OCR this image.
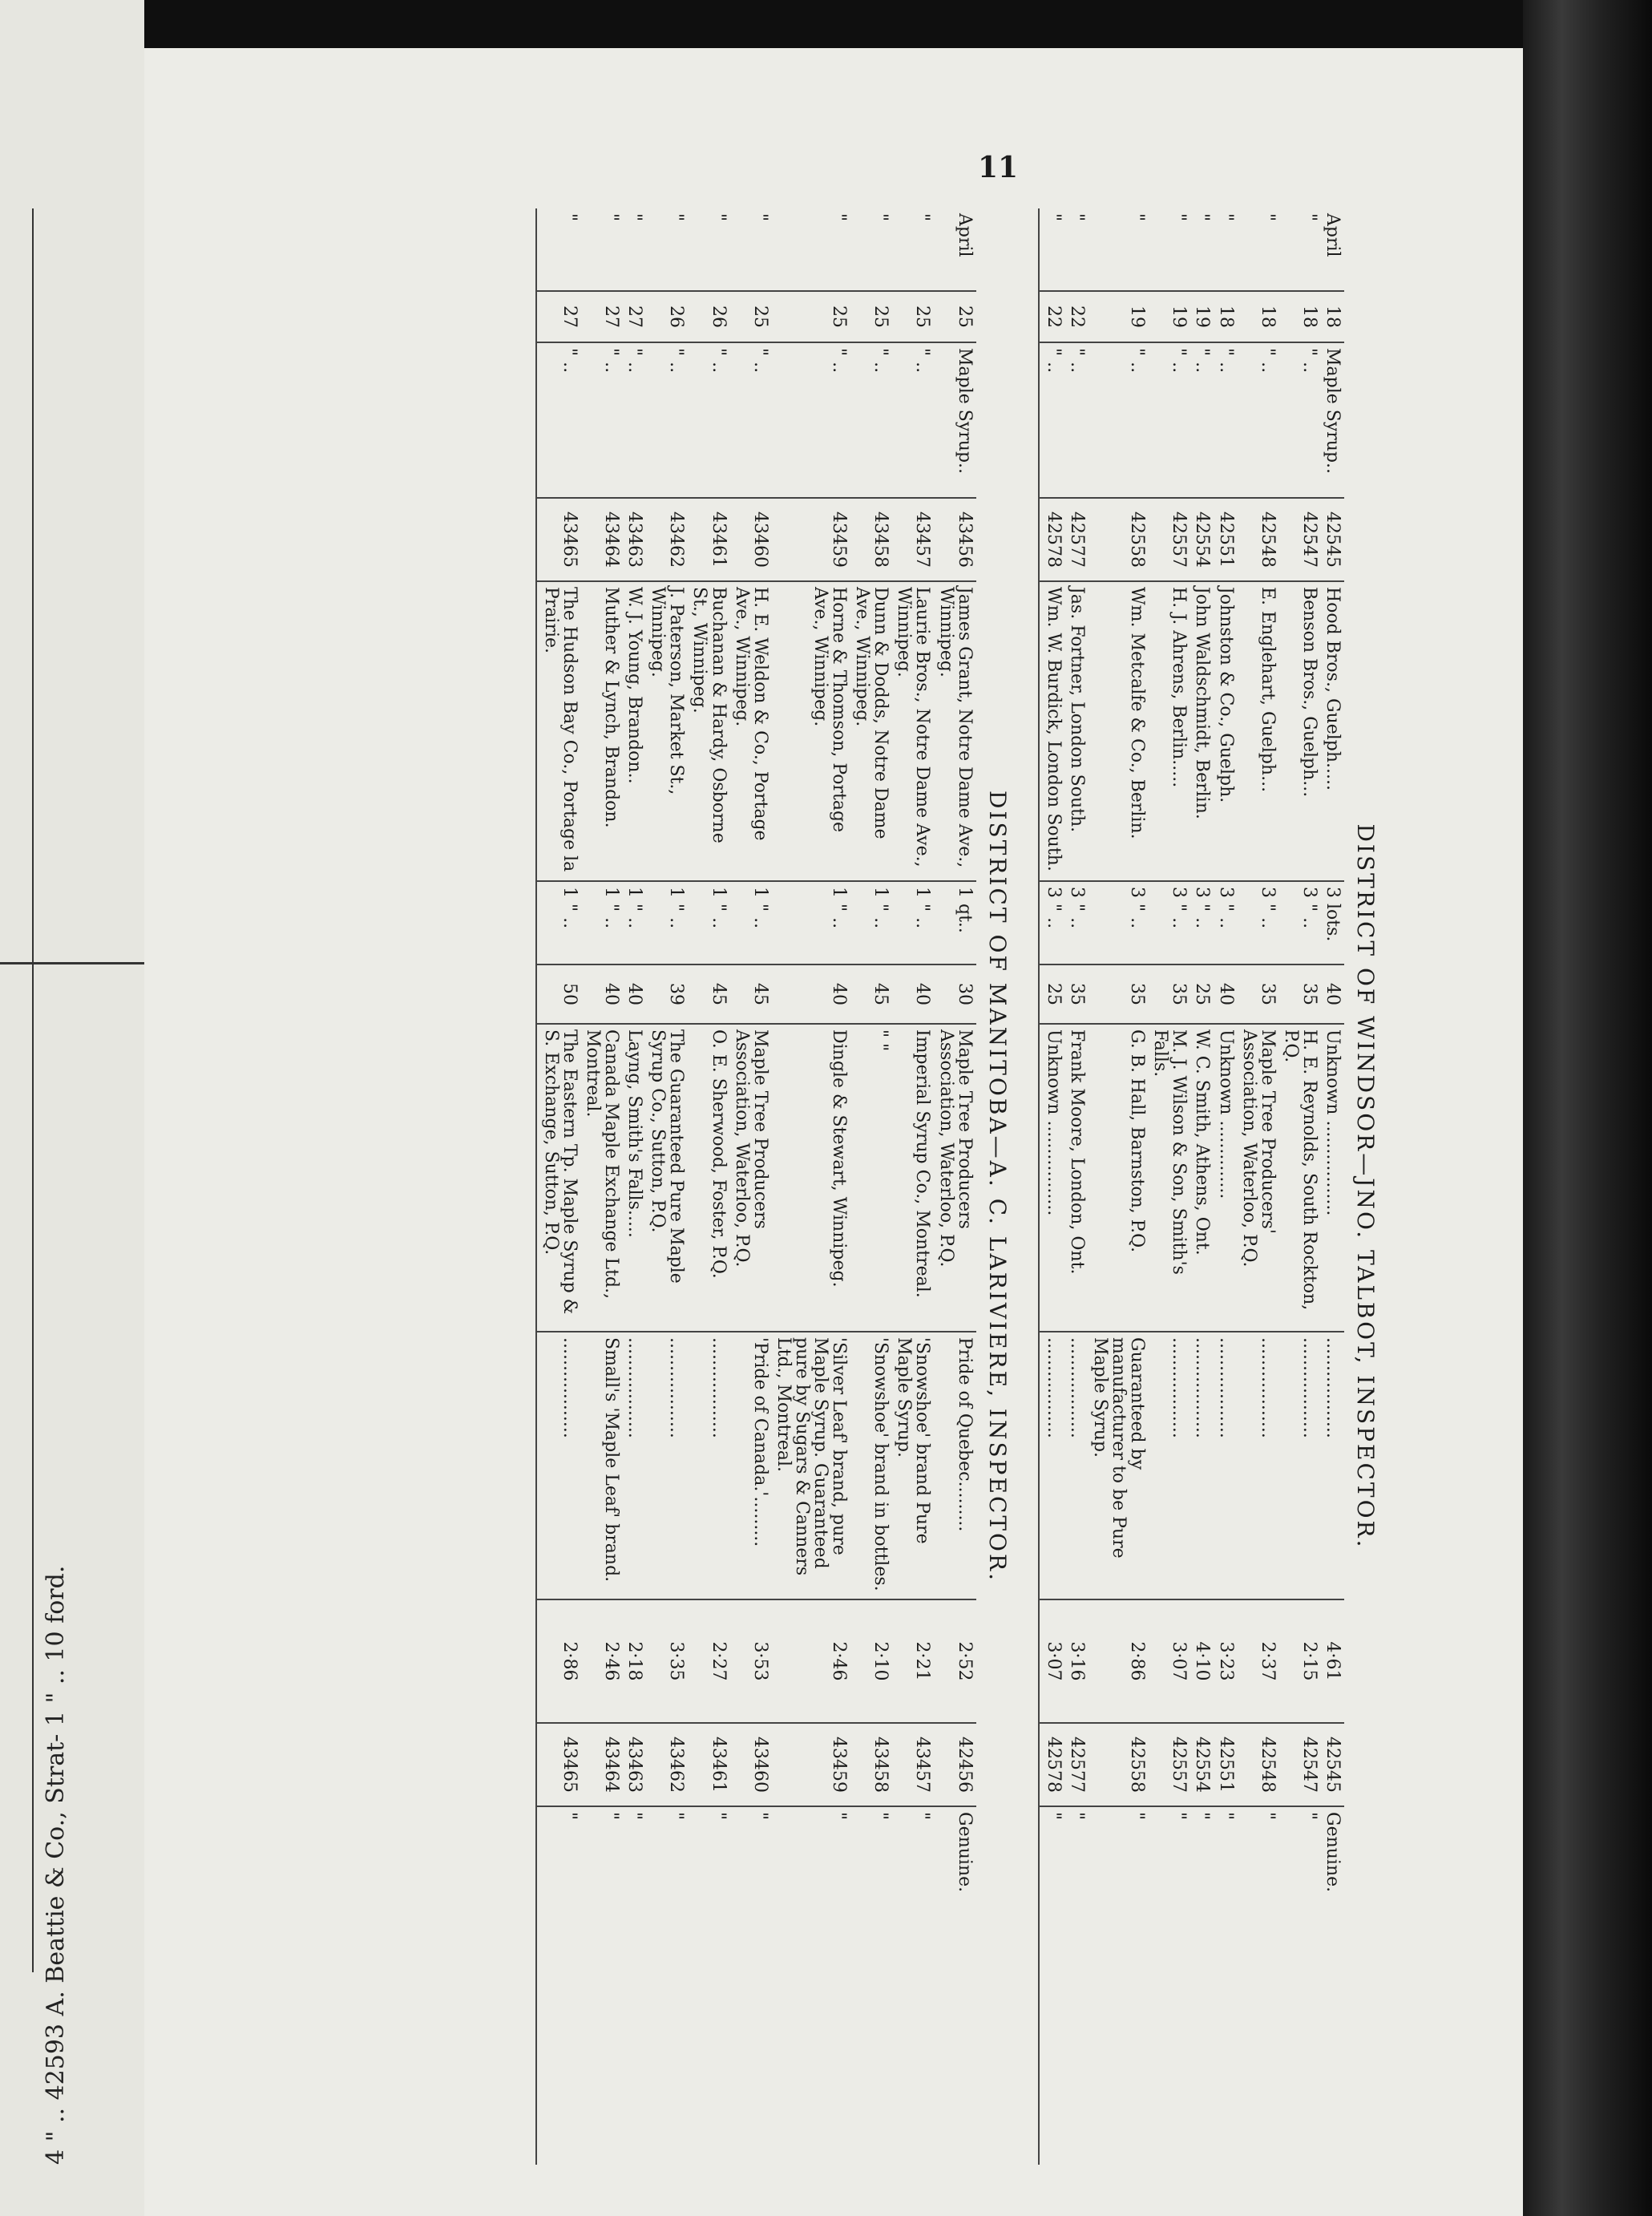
4 " .. 42593 A. Beattie & Co., Strat- 1 " .. 10 ford.
11
DISTRICT OF WINDSOR—JNO. TALBOT, INSPECTOR.
April	18	Maple Syrup..	42545	Hood Bros., Guelph.....	3 lots.	40	Unknown .................	..................	4·61	42545	Genuine.
"	18	" ..	42547	Benson Bros., Guelph...	3 " ..	35	H. E. Reynolds, South Rockton, P.Q.	..................	2·15	42547	"
"	18	" ..	42548	E. Englehart, Guelph...	3 " ..	35	Maple Tree Producers' Association, Waterloo, P.Q.	..................	2·37	42548	"
"	18	" ..	42551	Johnston & Co., Guelph.	3 " ..	40	Unknown ..............	..................	3·23	42551	"
"	19	" ..	42554	John Waldschmidt, Berlin.	3 " ..	25	W. C. Smith, Athens, Ont.	..................	4·10	42554	"
"	19	" ..	42557	H. J. Ahrens, Berlin.....	3 " ..	35	M. J. Wilson & Son, Smith's Falls.	..................	3·07	42557	"
"	19	" ..	42558	Wm. Metcalfe & Co., Berlin.	3 " ..	35	G. B. Hall, Barnston, P.Q.	Guaranteed by manufacturer to be Pure Maple Syrup.	2·86	42558	"
"	22	" ..	42577	Jas. Fortner, London South.	3 " ..	35	Frank Moore, London, Ont.	..................	3·16	42577	"
"	22	" ..	42578	Wm. W. Burdick, London South.	3 " ..	25	Unknown .................	..................	3·07	42578	"
DISTRICT OF MANITOBA—A. C. LARIVIERE, INSPECTOR.
April	25	Maple Syrup..	43456	James Grant, Notre Dame Ave., Winnipeg.	1 qt..	30	Maple Tree Producers Association, Waterloo, P.Q.	Pride of Quebec.........	2·52	42456	Genuine.
"	25	" ..	43457	Laurie Bros., Notre Dame Ave., Winnipeg.	1 " ..	40	Imperial Syrup Co., Montreal.	'Snowshoe' brand Pure Maple Syrup.	2·21	43457	"
"	25	" ..	43458	Dunn & Dodds, Notre Dame Ave., Winnipeg.	1 " ..	45	" "	'Snowshoe' brand in bottles.	2·10	43458	"
"	25	" ..	43459	Horne & Thomson, Portage Ave., Winnipeg.	1 " ..	40	Dingle & Stewart, Winnipeg.	'Silver Leaf' brand, pure Maple Syrup. Guaranteed pure by Sugars & Canners Ltd., Montreal.	2·46	43459	"
"	25	" ..	43460	H. E. Weldon & Co., Portage Ave., Winnipeg.	1 " ..	45	Maple Tree Producers Association, Waterloo, P.Q.	'Pride of Canada.'.........	3·53	43460	"
"	26	" ..	43461	Buchanan & Hardy, Osborne St., Winnipeg.	1 " ..	45	O. E. Sherwood, Foster, P.Q.	..................	2·27	43461	"
"	26	" ..	43462	J. Paterson, Market St., Winnipeg.	1 " ..	39	The Guaranteed Pure Maple Syrup Co., Sutton, P.Q.	..................	3·35	43462	"
"	27	" ..	43463	W. J. Young, Brandon..	1 " ..	40	Layng, Smith's Falls.....	..................	2·18	43463	"
"	27	" ..	43464	Muther & Lynch, Brandon.	1 " ..	40	Canada Maple Exchange Ltd., Montreal.	Small's 'Maple Leaf' brand.	2·46	43464	"
"	27	" ..	43465	The Hudson Bay Co., Portage la Prairie.	1 " ..	50	The Eastern Tp. Maple Syrup & S. Exchange, Sutton, P.Q.	..................	2·86	43465	"
